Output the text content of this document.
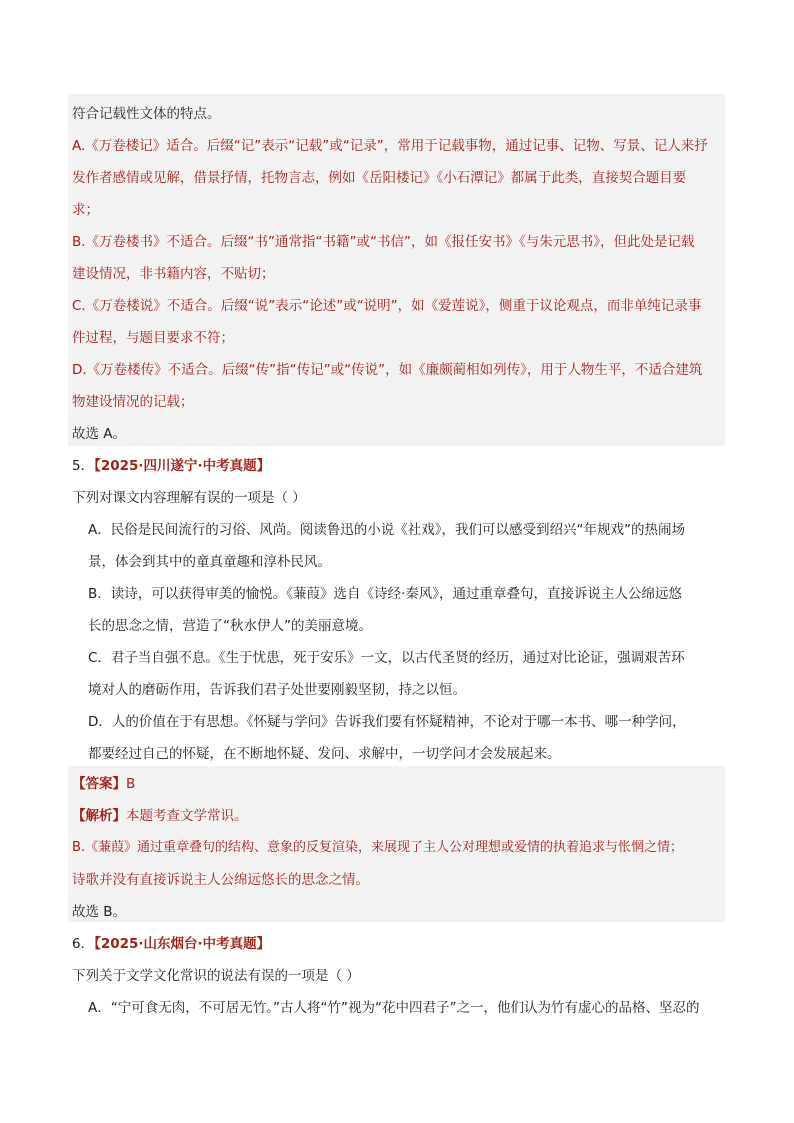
符合记载性文体的特点。
A.《万卷楼记》适合。后缀“记”表示“记载”或“记录”，常用于记载事物，通过记事、记物、写景、记人来抒
发作者感情或见解，借景抒情，托物言志，例如《岳阳楼记》《小石潭记》都属于此类，直接契合题目要
求；
B.《万卷楼书》不适合。后缀“书”通常指“书籍”或“书信”，如《报任安书》《与朱元思书》，但此处是记载
建设情况，非书籍内容，不贴切；
C.《万卷楼说》不适合。后缀“说”表示“论述”或“说明”，如《爱莲说》，侧重于议论观点，而非单纯记录事
件过程，与题目要求不符；
D.《万卷楼传》不适合。后缀“传”指“传记”或“传说”，如《廉颇蔺相如列传》，用于人物生平，不适合建筑
物建设情况的记载；
故选 A。
5．【2025·四川遂宁·中考真题】
下列对课文内容理解有误的一项是（ ）
A．民俗是民间流行的习俗、风尚。阅读鲁迅的小说《社戏》，我们可以感受到绍兴“年规戏”的热闹场
景，体会到其中的童真童趣和淳朴民风。
B．读诗，可以获得审美的愉悦。《蒹葭》选自《诗经·秦风》，通过重章叠句，直接诉说主人公绵远悠
长的思念之情，营造了“秋水伊人”的美丽意境。
C．君子当自强不息。《生于忧患，死于安乐》一文，以古代圣贤的经历，通过对比论证，强调艰苦环
境对人的磨砺作用，告诉我们君子处世要刚毅坚韧，持之以恒。
D．人的价值在于有思想。《怀疑与学问》告诉我们要有怀疑精神，不论对于哪一本书、哪一种学问，
都要经过自己的怀疑，在不断地怀疑、发问、求解中，一切学问才会发展起来。
【答案】B
【解析】本题考查文学常识。
B.《蒹葭》通过重章叠句的结构、意象的反复渲染，来展现了主人公对理想或爱情的执着追求与怅惘之情；
诗歌并没有直接诉说主人公绵远悠长的思念之情。
故选 B。
6．【2025·山东烟台·中考真题】
下列关于文学文化常识的说法有误的一项是（ ）
A．“宁可食无肉，不可居无竹。”古人将“竹”视为“花中四君子”之一，他们认为竹有虚心的品格、坚忍的
